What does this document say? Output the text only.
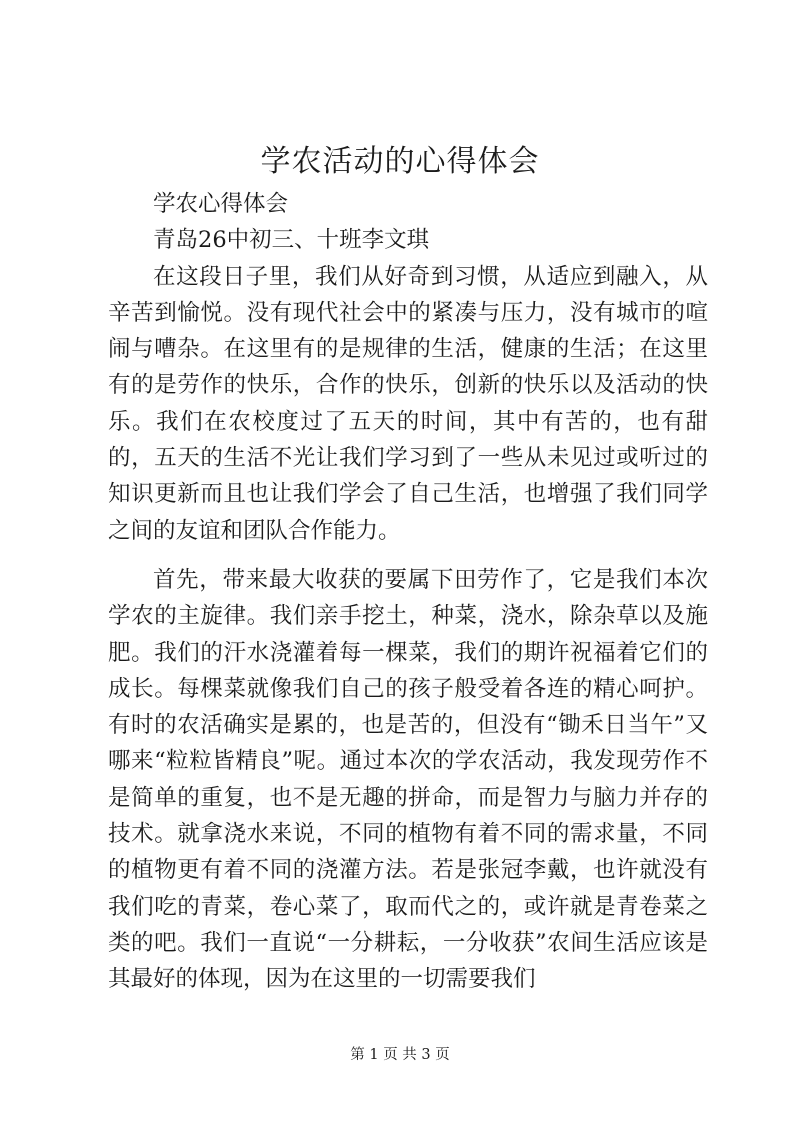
学农活动的心得体会

学农心得体会

青岛26中初三、十班李文琪

在这段日子里，我们从好奇到习惯，从适应到融入，从辛苦到愉悦。没有现代社会中的紧凑与压力，没有城市的喧闹与嘈杂。在这里有的是规律的生活，健康的生活；在这里有的是劳作的快乐，合作的快乐，创新的快乐以及活动的快乐。我们在农校度过了五天的时间，其中有苦的，也有甜的，五天的生活不光让我们学习到了一些从未见过或听过的知识更新而且也让我们学会了自己生活，也增强了我们同学之间的友谊和团队合作能力。

首先，带来最大收获的要属下田劳作了，它是我们本次学农的主旋律。我们亲手挖土，种菜，浇水，除杂草以及施肥。我们的汗水浇灌着每一棵菜，我们的期许祝福着它们的成长。每棵菜就像我们自己的孩子般受着各连的精心呵护。有时的农活确实是累的，也是苦的，但没有“锄禾日当午”又哪来“粒粒皆精良”呢。通过本次的学农活动，我发现劳作不是简单的重复，也不是无趣的拼命，而是智力与脑力并存的技术。就拿浇水来说，不同的植物有着不同的需求量，不同的植物更有着不同的浇灌方法。若是张冠李戴，也许就没有我们吃的青菜，卷心菜了，取而代之的，或许就是青卷菜之类的吧。我们一直说“一分耕耘，一分收获”农间生活应该是其最好的体现，因为在这里的一切需要我们

第 1 页 共 3 页
